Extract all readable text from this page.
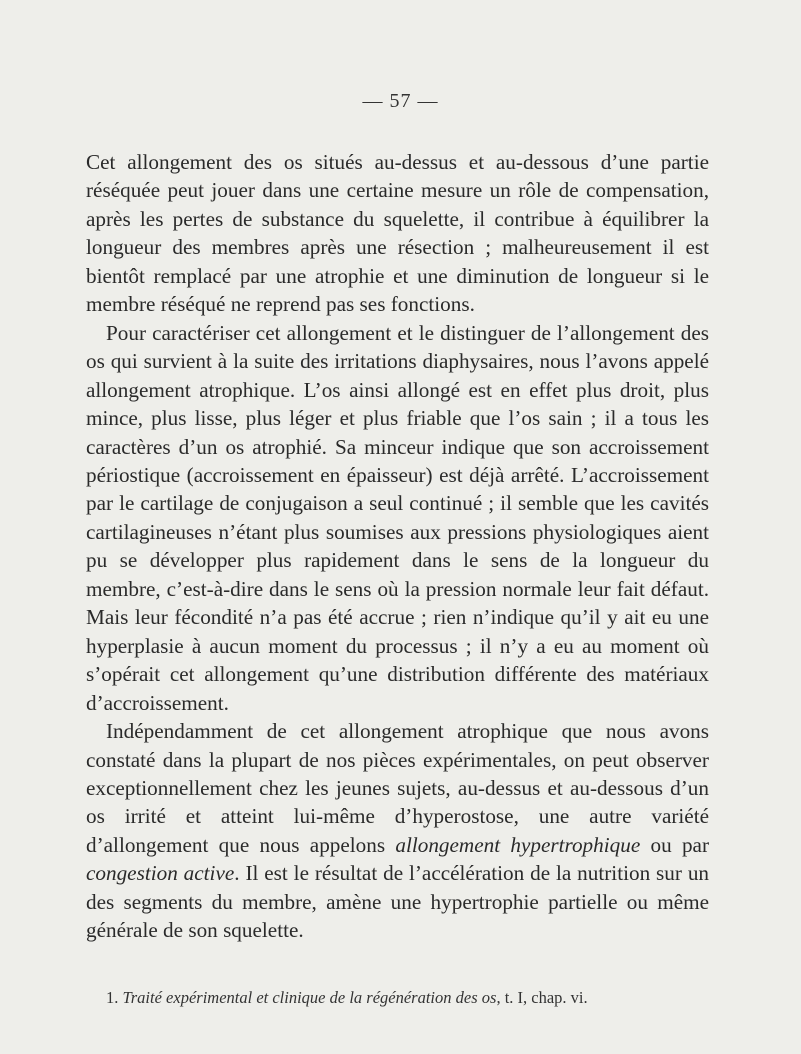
— 57 —

Cet allongement des os situés au-dessus et au-dessous d’une partie réséquée peut jouer dans une certaine mesure un rôle de compensation, après les pertes de substance du squelette, il contribue à équilibrer la longueur des membres après une résection ; malheureusement il est bientôt remplacé par une atrophie et une diminution de longueur si le membre réséqué ne reprend pas ses fonctions.

Pour caractériser cet allongement et le distinguer de l’allongement des os qui survient à la suite des irritations diaphysaires, nous l’avons appelé allongement atrophique. L’os ainsi allongé est en effet plus droit, plus mince, plus lisse, plus léger et plus friable que l’os sain ; il a tous les caractères d’un os atrophié. Sa minceur indique que son accroissement périostique (accroissement en épaisseur) est déjà arrêté. L’accroissement par le cartilage de conjugaison a seul continué ; il semble que les cavités cartilagineuses n’étant plus soumises aux pressions physiologiques aient pu se développer plus rapidement dans le sens de la longueur du membre, c’est-à-dire dans le sens où la pression normale leur fait défaut. Mais leur fécondité n’a pas été accrue ; rien n’indique qu’il y ait eu une hyperplasie à aucun moment du processus ; il n’y a eu au moment où s’opérait cet allongement qu’une distribution différente des matériaux d’accroissement.

Indépendamment de cet allongement atrophique que nous avons constaté dans la plupart de nos pièces expérimentales, on peut observer exceptionnellement chez les jeunes sujets, au-dessus et au-dessous d’un os irrité et atteint lui-même d’hyperostose, une autre variété d’allongement que nous appelons allongement hypertrophique ou par congestion active. Il est le résultat de l’accélération de la nutrition sur un des segments du membre, amène une hypertrophie partielle ou même générale de son squelette.

1. Traité expérimental et clinique de la régénération des os, t. I, chap. vi.
